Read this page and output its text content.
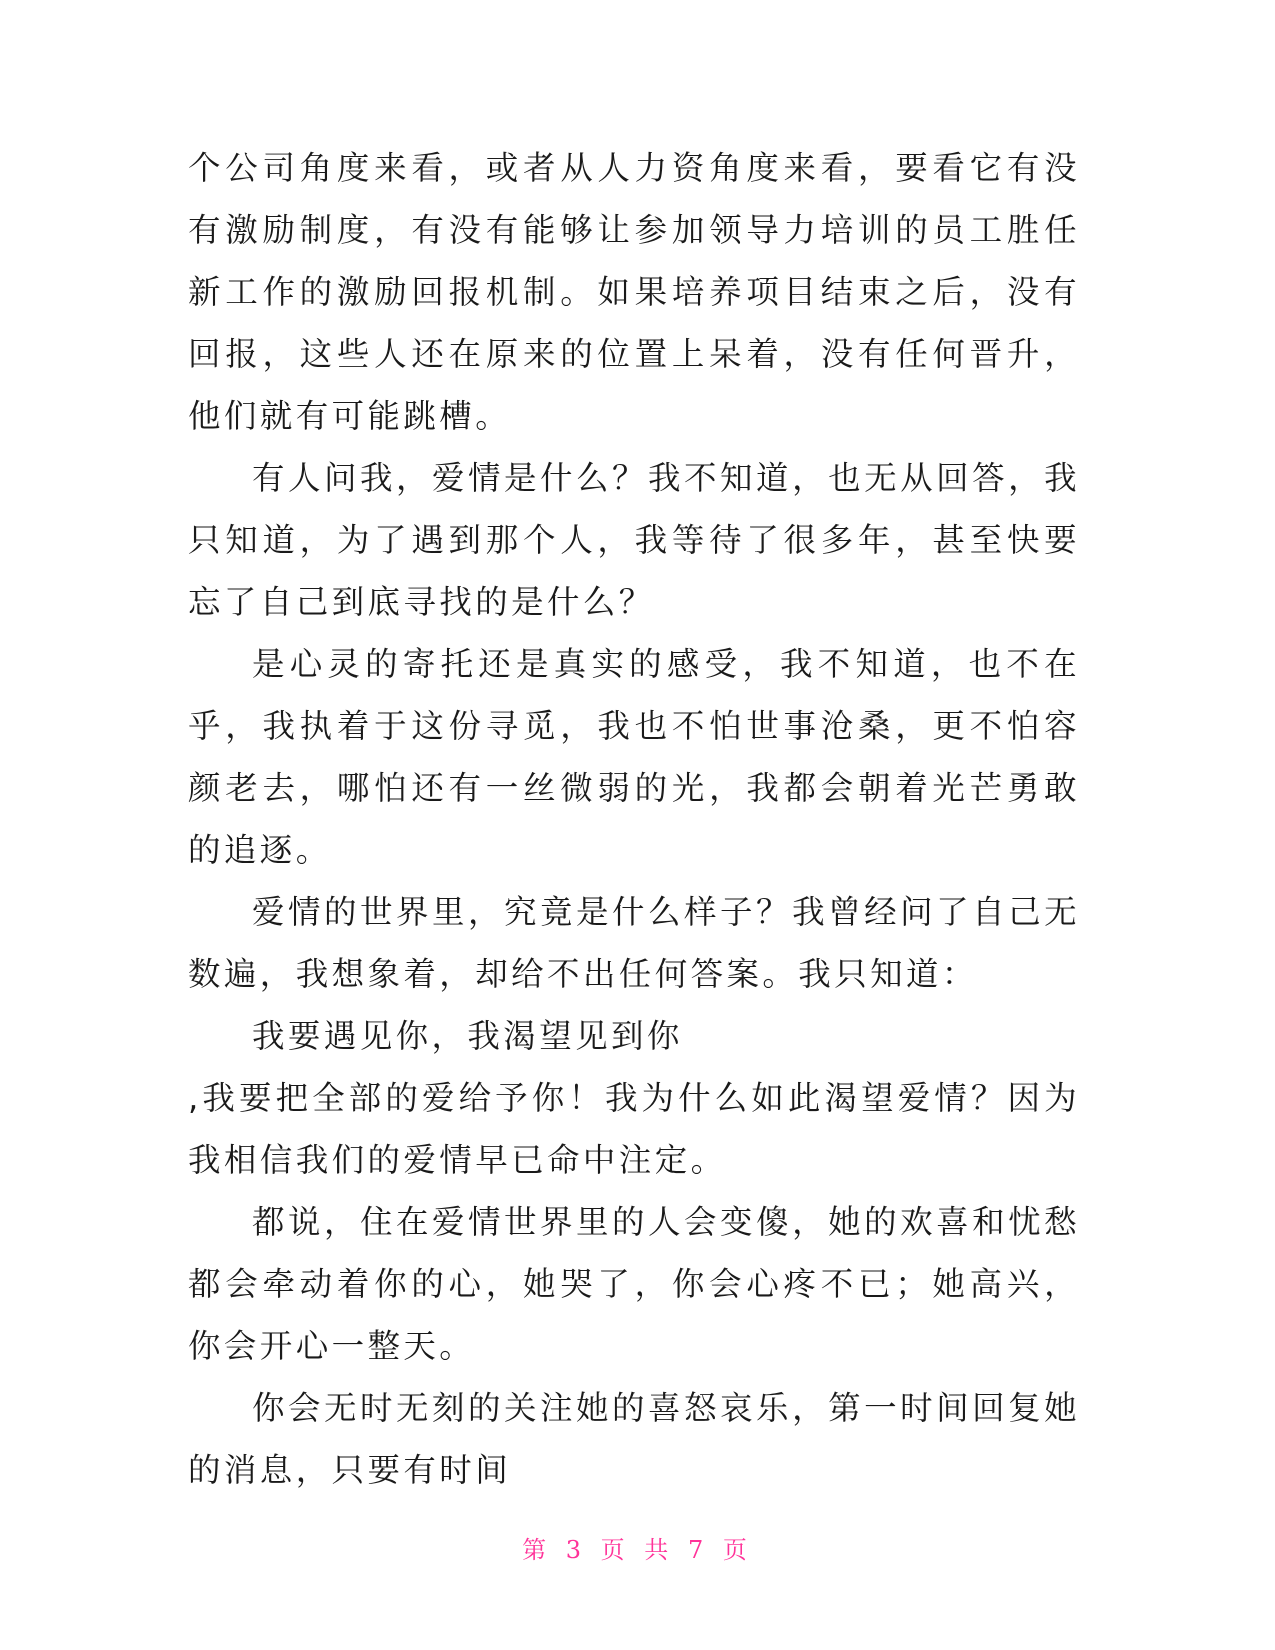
个公司角度来看，或者从人力资角度来看，要看它有没有激励制度，有没有能够让参加领导力培训的员工胜任新工作的激励回报机制。如果培养项目结束之后，没有回报，这些人还在原来的位置上呆着，没有任何晋升，他们就有可能跳槽。

有人问我，爱情是什么？我不知道，也无从回答，我只知道，为了遇到那个人，我等待了很多年，甚至快要忘了自己到底寻找的是什么？

是心灵的寄托还是真实的感受，我不知道，也不在乎，我执着于这份寻觅，我也不怕世事沧桑，更不怕容颜老去，哪怕还有一丝微弱的光，我都会朝着光芒勇敢的追逐。

爱情的世界里，究竟是什么样子？我曾经问了自己无数遍，我想象着，却给不出任何答案。我只知道：

我要遇见你，我渴望见到你

,我要把全部的爱给予你！我为什么如此渴望爱情？因为我相信我们的爱情早已命中注定。

都说，住在爱情世界里的人会变傻，她的欢喜和忧愁都会牵动着你的心，她哭了，你会心疼不已；她高兴，你会开心一整天。

你会无时无刻的关注她的喜怒哀乐，第一时间回复她的消息，只要有时间

第 3 页 共 7 页
